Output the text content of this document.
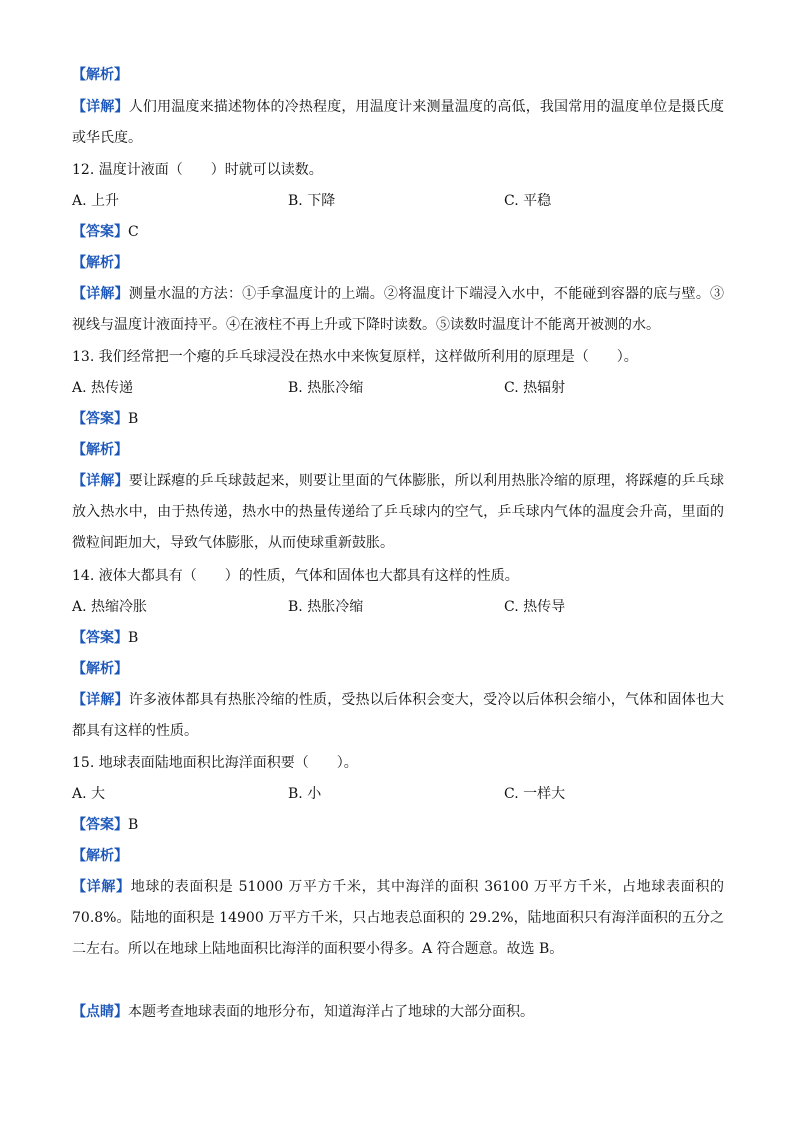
【解析】
【详解】人们用温度来描述物体的冷热程度，用温度计来测量温度的高低，我国常用的温度单位是摄氏度或华氏度。
12. 温度计液面（　　）时就可以读数。
A. 上升	B. 下降	C. 平稳
【答案】C
【解析】
【详解】测量水温的方法：①手拿温度计的上端。②将温度计下端浸入水中，不能碰到容器的底与壁。③视线与温度计液面持平。④在液柱不再上升或下降时读数。⑤读数时温度计不能离开被测的水。
13. 我们经常把一个瘪的乒乓球浸没在热水中来恢复原样，这样做所利用的原理是（　　）。
A. 热传递	B. 热胀冷缩	C. 热辐射
【答案】B
【解析】
【详解】要让踩瘪的乒乓球鼓起来，则要让里面的气体膨胀，所以利用热胀冷缩的原理，将踩瘪的乒乓球放入热水中，由于热传递，热水中的热量传递给了乒乓球内的空气，乒乓球内气体的温度会升高，里面的微粒间距加大，导致气体膨胀，从而使球重新鼓胀。
14. 液体大都具有（　　）的性质，气体和固体也大都具有这样的性质。
A. 热缩冷胀	B. 热胀冷缩	C. 热传导
【答案】B
【解析】
【详解】许多液体都具有热胀冷缩的性质，受热以后体积会变大，受冷以后体积会缩小，气体和固体也大都具有这样的性质。
15. 地球表面陆地面积比海洋面积要（　　）。
A. 大	B. 小	C. 一样大
【答案】B
【解析】
【详解】地球的表面积是 51000 万平方千米，其中海洋的面积 36100 万平方千米，占地球表面积的 70.8%。陆地的面积是 14900 万平方千米，只占地表总面积的 29.2%，陆地面积只有海洋面积的五分之二左右。所以在地球上陆地面积比海洋的面积要小得多。A 符合题意。故选 B。
【点睛】本题考查地球表面的地形分布，知道海洋占了地球的大部分面积。
